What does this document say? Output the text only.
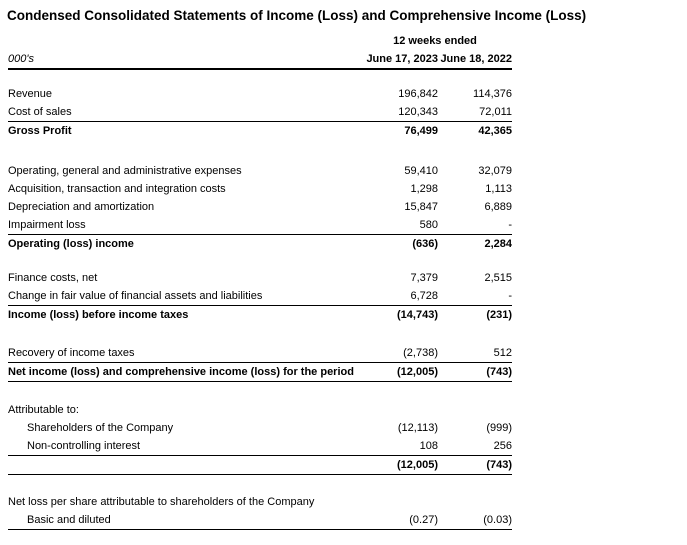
Condensed Consolidated Statements of Income (Loss) and Comprehensive Income (Loss)
	12 weeks ended	
000's	June 17, 2023	June 18, 2022

Revenue	196,842	114,376
Cost of sales	120,343	72,011
Gross Profit	76,499	42,365

Operating, general and administrative expenses	59,410	32,079
Acquisition, transaction and integration costs	1,298	1,113
Depreciation and amortization	15,847	6,889
Impairment loss	580	-
Operating (loss) income	(636)	2,284

Finance costs, net	7,379	2,515
Change in fair value of financial assets and liabilities	6,728	-
Income (loss) before income taxes	(14,743)	(231)

Recovery of income taxes	(2,738)	512
Net income (loss) and comprehensive income (loss) for the period	(12,005)	(743)

Attributable to:		
Shareholders of the Company	(12,113)	(999)
Non-controlling interest	108	256
	(12,005)	(743)

Net loss per share attributable to shareholders of the Company		
Basic and diluted	(0.27)	(0.03)
